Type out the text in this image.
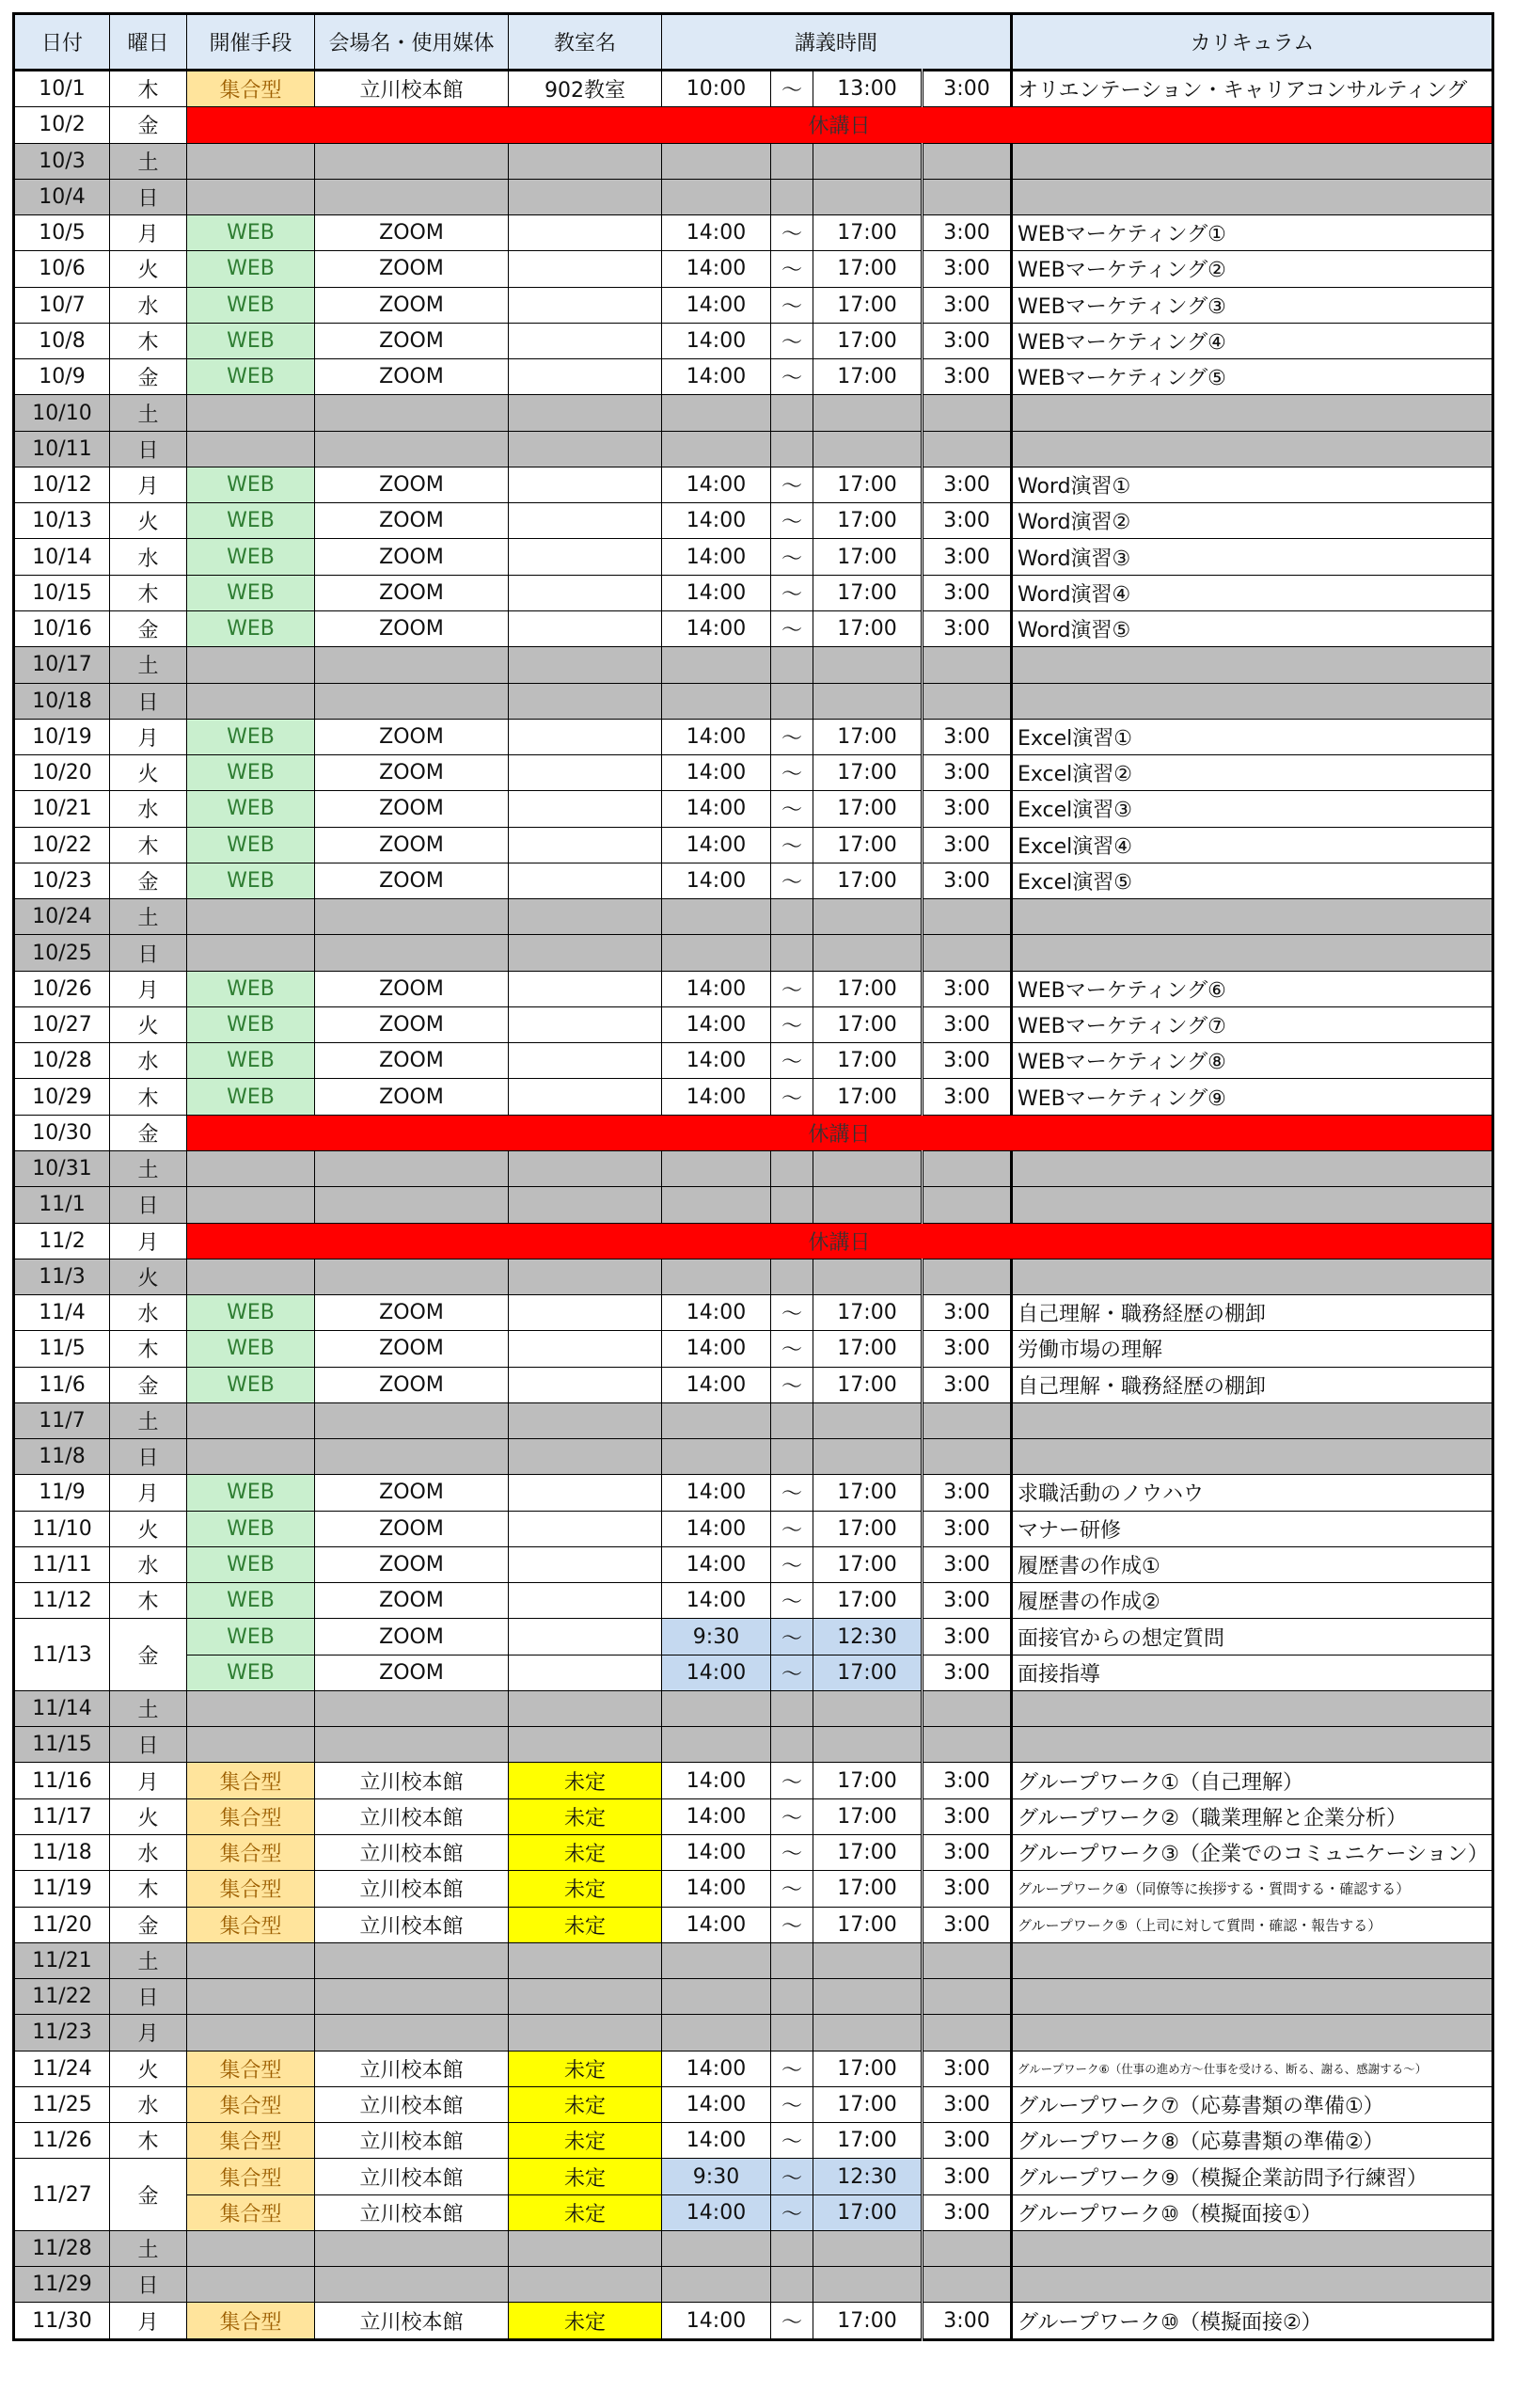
日付	曜日	開催手段	会場名・使用媒体	教室名	講義時間				カリキュラム
10/1	木	集合型	立川校本館	902教室	10:00	～	13:00	3:00	オリエンテーション・キャリアコンサルティング
10/2	金	休講日							
10/3	土								
10/4	日								
10/5	月	WEB	ZOOM		14:00	～	17:00	3:00	WEBマーケティング①
10/6	火	WEB	ZOOM		14:00	～	17:00	3:00	WEBマーケティング②
10/7	水	WEB	ZOOM		14:00	～	17:00	3:00	WEBマーケティング③
10/8	木	WEB	ZOOM		14:00	～	17:00	3:00	WEBマーケティング④
10/9	金	WEB	ZOOM		14:00	～	17:00	3:00	WEBマーケティング⑤
10/10	土								
10/11	日								
10/12	月	WEB	ZOOM		14:00	～	17:00	3:00	Word演習①
10/13	火	WEB	ZOOM		14:00	～	17:00	3:00	Word演習②
10/14	水	WEB	ZOOM		14:00	～	17:00	3:00	Word演習③
10/15	木	WEB	ZOOM		14:00	～	17:00	3:00	Word演習④
10/16	金	WEB	ZOOM		14:00	～	17:00	3:00	Word演習⑤
10/17	土								
10/18	日								
10/19	月	WEB	ZOOM		14:00	～	17:00	3:00	Excel演習①
10/20	火	WEB	ZOOM		14:00	～	17:00	3:00	Excel演習②
10/21	水	WEB	ZOOM		14:00	～	17:00	3:00	Excel演習③
10/22	木	WEB	ZOOM		14:00	～	17:00	3:00	Excel演習④
10/23	金	WEB	ZOOM		14:00	～	17:00	3:00	Excel演習⑤
10/24	土								
10/25	日								
10/26	月	WEB	ZOOM		14:00	～	17:00	3:00	WEBマーケティング⑥
10/27	火	WEB	ZOOM		14:00	～	17:00	3:00	WEBマーケティング⑦
10/28	水	WEB	ZOOM		14:00	～	17:00	3:00	WEBマーケティング⑧
10/29	木	WEB	ZOOM		14:00	～	17:00	3:00	WEBマーケティング⑨
10/30	金	休講日							
10/31	土								
11/1	日								
11/2	月	休講日							
11/3	火								
11/4	水	WEB	ZOOM		14:00	～	17:00	3:00	自己理解・職務経歴の棚卸
11/5	木	WEB	ZOOM		14:00	～	17:00	3:00	労働市場の理解
11/6	金	WEB	ZOOM		14:00	～	17:00	3:00	自己理解・職務経歴の棚卸
11/7	土								
11/8	日								
11/9	月	WEB	ZOOM		14:00	～	17:00	3:00	求職活動のノウハウ
11/10	火	WEB	ZOOM		14:00	～	17:00	3:00	マナー研修
11/11	水	WEB	ZOOM		14:00	～	17:00	3:00	履歴書の作成①
11/12	木	WEB	ZOOM		14:00	～	17:00	3:00	履歴書の作成②
11/13	金	WEB	ZOOM		9:30	～	12:30	3:00	面接官からの想定質問
		WEB	ZOOM		14:00	～	17:00	3:00	面接指導
11/14	土								
11/15	日								
11/16	月	集合型	立川校本館	未定	14:00	～	17:00	3:00	グループワーク①（自己理解）
11/17	火	集合型	立川校本館	未定	14:00	～	17:00	3:00	グループワーク②（職業理解と企業分析）
11/18	水	集合型	立川校本館	未定	14:00	～	17:00	3:00	グループワーク③（企業でのコミュニケーション）
11/19	木	集合型	立川校本館	未定	14:00	～	17:00	3:00	グループワーク④（同僚等に挨拶する・質問する・確認する）
11/20	金	集合型	立川校本館	未定	14:00	～	17:00	3:00	グループワーク⑤（上司に対して質問・確認・報告する）
11/21	土								
11/22	日								
11/23	月								
11/24	火	集合型	立川校本館	未定	14:00	～	17:00	3:00	グループワーク⑥（仕事の進め方～仕事を受ける、断る、謝る、感謝する～）
11/25	水	集合型	立川校本館	未定	14:00	～	17:00	3:00	グループワーク⑦（応募書類の準備①）
11/26	木	集合型	立川校本館	未定	14:00	～	17:00	3:00	グループワーク⑧（応募書類の準備②）
11/27	金	集合型	立川校本館	未定	9:30	～	12:30	3:00	グループワーク⑨（模擬企業訪問予行練習）
		集合型	立川校本館	未定	14:00	～	17:00	3:00	グループワーク⑩（模擬面接①）
11/28	土								
11/29	日								
11/30	月	集合型	立川校本館	未定	14:00	～	17:00	3:00	グループワーク⑩（模擬面接②）
